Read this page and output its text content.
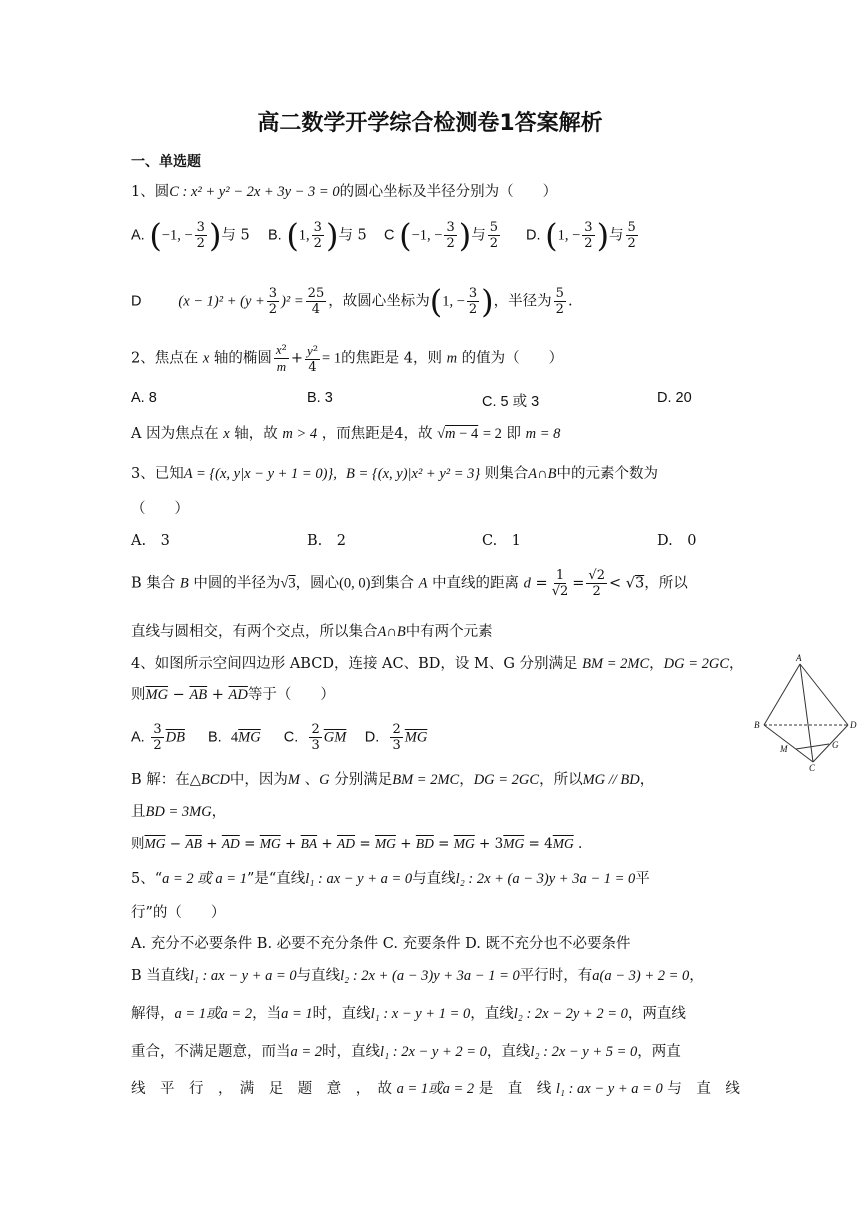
高二数学开学综合检测卷1答案解析
一、单选题
1、圆C : x² + y² − 2x + 3y − 3 = 0的圆心坐标及半径分别为（　　）
A. (−1, − $\frac{3}{2}$ )与 5 B. (1, $\frac{3}{2}$ )与 5 C (−1, − $\frac{3}{2}$ )与 $\frac{5}{2} D$. (1, − $\frac{3}{2}$ )与 $\frac{5}{2}$
D	$(x - 1)^2 + (y + \frac{3}{2} )^2 = \frac{25}{4}$ ，故圆心坐标为(1, − $\frac{3}{2}$ )，半径为 $\frac{5}{2}$ .
2、焦点在 x 轴的椭圆 $\frac{\text{x²}}{m} + \frac{\text{y²}}{4} = 1$的焦距是 4，则 m 的值为（　　）
A. 8	B. 3	C. 5 或 3	D. 20
A 因为焦点在 x 轴，故 m > 4 ，而焦距是4，故 √m − 4 = 2 即 m = 8
3、已知A = {(x, y|x − y + 1 = 0)}, B = {(x, y)|x² + y² = 3} 则集合A∩B中的元素个数为
（　　）
A.　3	B.　2	C.　1	D.　0
B 集合 B 中圆的半径为√3，圆心(0, 0)到集合 A 中直线的距离 $d = \frac{1}{√2} = \frac{√2}{2} < √3$，所以
直线与圆相交，有两个交点，所以集合A∩B中有两个元素
4、如图所示空间四边形 ABCD，连接 AC、BD，设 M、G 分别满足 BM = 2MC，DG = 2GC，
则$\overline{MG} - \overline{AB} + \overline{AD}$等于（　　）
A. $\frac{3}{2} \overline{DB}$ B. $4\overline{MG}$ C. $\frac{2}{3} \overline{GM}$ D. $\frac{2}{3} \overline{MG}$
B 解：在△BCD中，因为M 、G 分别满足BM = 2MC，DG = 2GC，所以MG // BD，
且BD = 3MG，
则$\overline{MG} - \overline{AB} + \overline{AD} = \overline{MG} + \overline{BA} + \overline{AD} = \overline{MG} + \overline{BD} = \overline{MG} + 3\overline{MG} = 4\overline{MG}$ .
A
B	D
M	G
C
5、“a = 2 或 a = 1”是“直线l₁ : ax − y + a = 0与直线l₂ : 2x + (a − 3)y + 3a − 1 = 0平
行”的（　　）
A. 充分不必要条件 B. 必要不充分条件 C. 充要条件 D. 既不充分也不必要条件
B 当直线l₁ : ax − y + a = 0与直线l₂ : 2x + (a − 3)y + 3a − 1 = 0平行时，有a(a − 3) + 2 = 0，
解得，a = 1或a = 2，当a = 1时，直线l₁ : x − y + 1 = 0，直线l₂ : 2x − 2y + 2 = 0，两直线
重合，不满足题意，而当a = 2时，直线l₁ : 2x − y + 2 = 0，直线l₂ : 2x − y + 5 = 0，两直
线　平　行　，　满　足　题　意　，　故 a = 1或a = 2 是　直　线 l₁ : ax − y + a = 0 与　直　线
